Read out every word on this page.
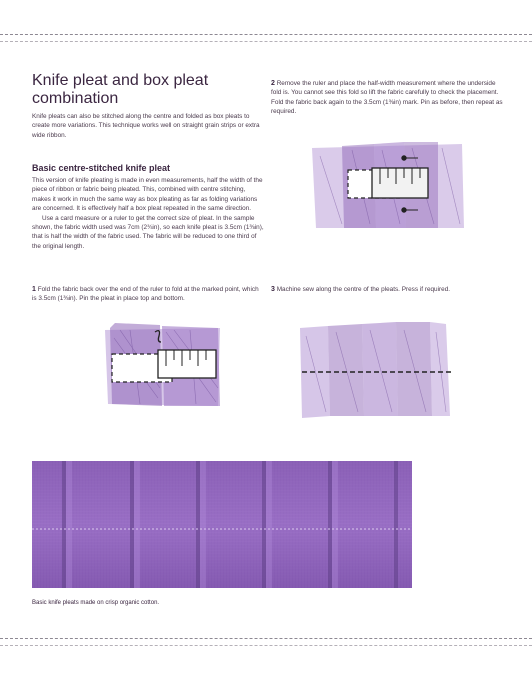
Knife pleat and box pleat combination

Knife pleats can also be stitched along the centre and folded as box pleats to create more variations. This technique works well on straight grain strips or extra wide ribbon.

Basic centre-stitched knife pleat

This version of knife pleating is made in even measurements, half the width of the piece of ribbon or fabric being pleated. This, combined with centre stitching, makes it work in much the same way as box pleating as far as folding variations are concerned. It is effectively half a box pleat repeated in the same direction.

Use a card measure or a ruler to get the correct size of pleat. In the sample shown, the fabric width used was 7cm (2¾in), so each knife pleat is 3.5cm (1⅜in), that is half the width of the fabric used. The fabric will be reduced to one third of the original length.

1 Fold the fabric back over the end of the ruler to fold at the marked point, which is 3.5cm (1⅜in). Pin the pleat in place top and bottom.

2 Remove the ruler and place the half-width measurement where the underside fold is. You cannot see this fold so lift the fabric carefully to check the placement. Fold the fabric back again to the 3.5cm (1⅜in) mark. Pin as before, then repeat as required.

3 Machine sew along the centre of the pleats. Press if required.

Basic knife pleats made on crisp organic cotton.
